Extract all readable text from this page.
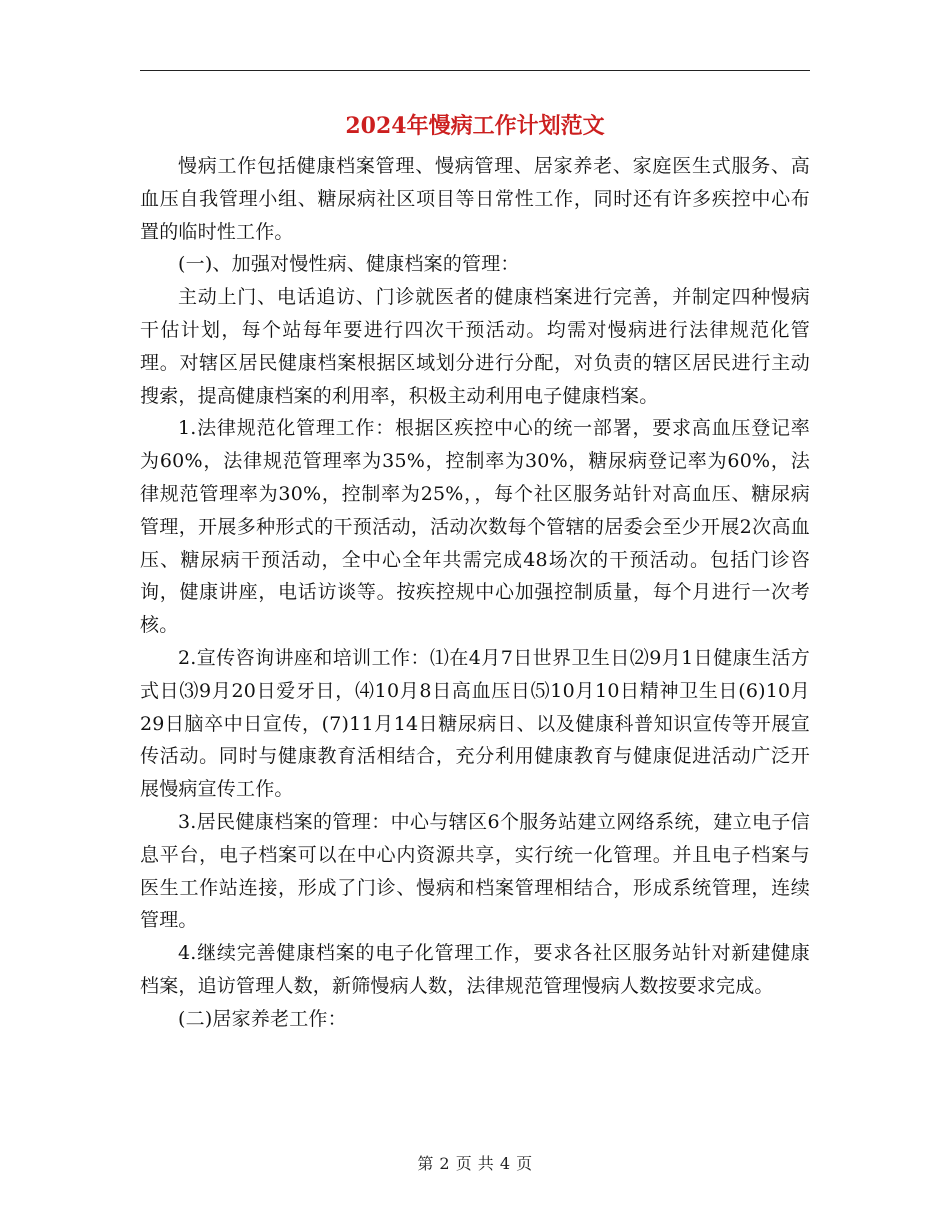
2024年慢病工作计划范文

慢病工作包括健康档案管理、慢病管理、居家养老、家庭医生式服务、高血压自我管理小组、糖尿病社区项目等日常性工作，同时还有许多疾控中心布置的临时性工作。

(一)、加强对慢性病、健康档案的管理：

主动上门、电话追访、门诊就医者的健康档案进行完善，并制定四种慢病干估计划，每个站每年要进行四次干预活动。均需对慢病进行法律规范化管理。对辖区居民健康档案根据区域划分进行分配，对负责的辖区居民进行主动搜索，提高健康档案的利用率，积极主动利用电子健康档案。

1.法律规范化管理工作：根据区疾控中心的统一部署，要求高血压登记率为60%，法律规范管理率为35%，控制率为30%，糖尿病登记率为60%，法律规范管理率为30%，控制率为25%，，每个社区服务站针对高血压、糖尿病管理，开展多种形式的干预活动，活动次数每个管辖的居委会至少开展2次高血压、糖尿病干预活动，全中心全年共需完成48场次的干预活动。包括门诊咨询，健康讲座，电话访谈等。按疾控规中心加强控制质量，每个月进行一次考核。

2.宣传咨询讲座和培训工作：⑴在4月7日世界卫生日⑵9月1日健康生活方式日⑶9月20日爱牙日，⑷10月8日高血压日⑸10月10日精神卫生日(6)10月29日脑卒中日宣传，(7)11月14日糖尿病日、以及健康科普知识宣传等开展宣传活动。同时与健康教育活相结合，充分利用健康教育与健康促进活动广泛开展慢病宣传工作。

3.居民健康档案的管理：中心与辖区6个服务站建立网络系统，建立电子信息平台，电子档案可以在中心内资源共享，实行统一化管理。并且电子档案与医生工作站连接，形成了门诊、慢病和档案管理相结合，形成系统管理，连续管理。

4.继续完善健康档案的电子化管理工作，要求各社区服务站针对新建健康档案，追访管理人数，新筛慢病人数，法律规范管理慢病人数按要求完成。

(二)居家养老工作：

第 2 页 共 4 页
